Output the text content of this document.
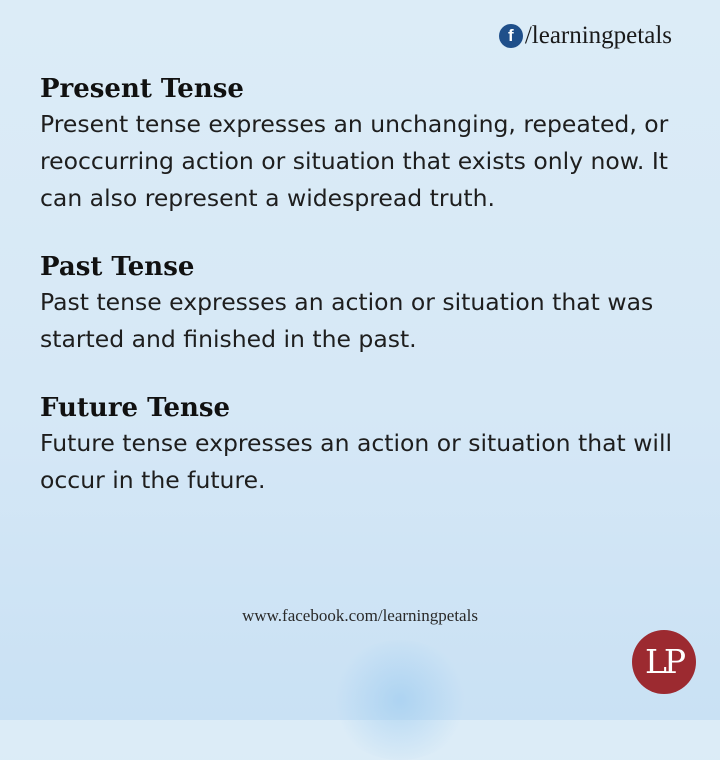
f /learningpetals
Present Tense
Present tense expresses an unchanging, repeated, or reoccurring action or situation that exists only now. It can also represent a widespread truth.
Past Tense
Past tense expresses an action or situation that was started and finished in the past.
Future Tense
Future tense expresses an action or situation that will occur in the future.
www.facebook.com/learningpetals
LP
